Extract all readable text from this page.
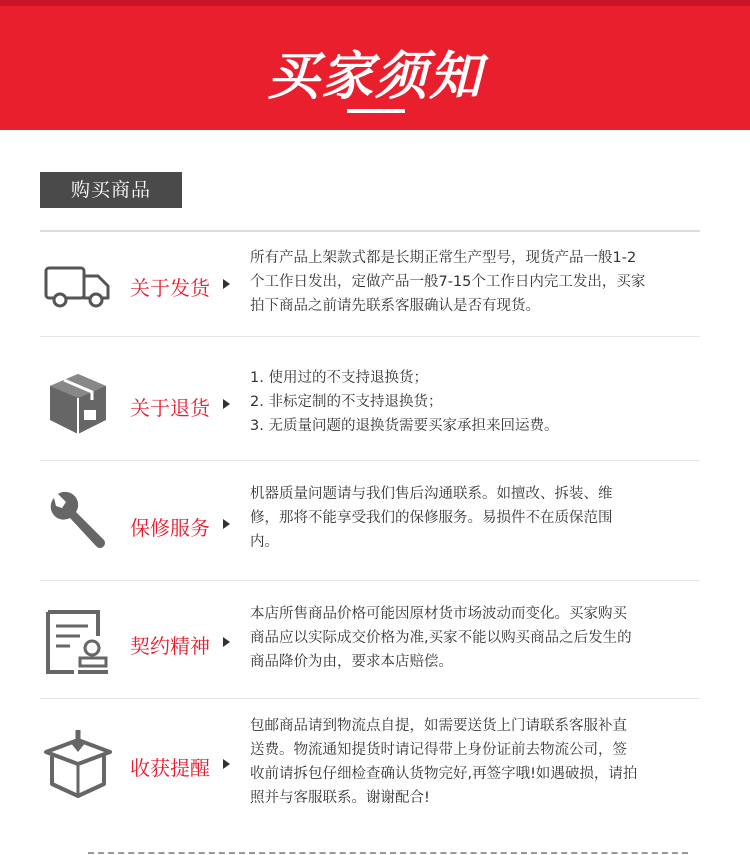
买家须知
购买商品
关于发货

所有产品上架款式都是长期正常生产型号，现货产品一般1-2

个工作日发出，定做产品一般7-15个工作日内完工发出，买家

拍下商品之前请先联系客服确认是否有现货。

关于退货

1. 使用过的不支持退换货；

2. 非标定制的不支持退换货；

3. 无质量问题的退换货需要买家承担来回运费。

保修服务

机器质量问题请与我们售后沟通联系。如擅改、拆装、维

修，那将不能享受我们的保修服务。易损件不在质保范围

内。

契约精神

本店所售商品价格可能因原材货市场波动而变化。买家购买

商品应以实际成交价格为准,买家不能以购买商品之后发生的

商品降价为由，要求本店赔偿。

收获提醒

包邮商品请到物流点自提，如需要送货上门请联系客服补直

送费。物流通知提货时请记得带上身份证前去物流公司，签

收前请拆包仔细检查确认货物完好,再签字哦!如遇破损，请拍

照并与客服联系。谢谢配合!
